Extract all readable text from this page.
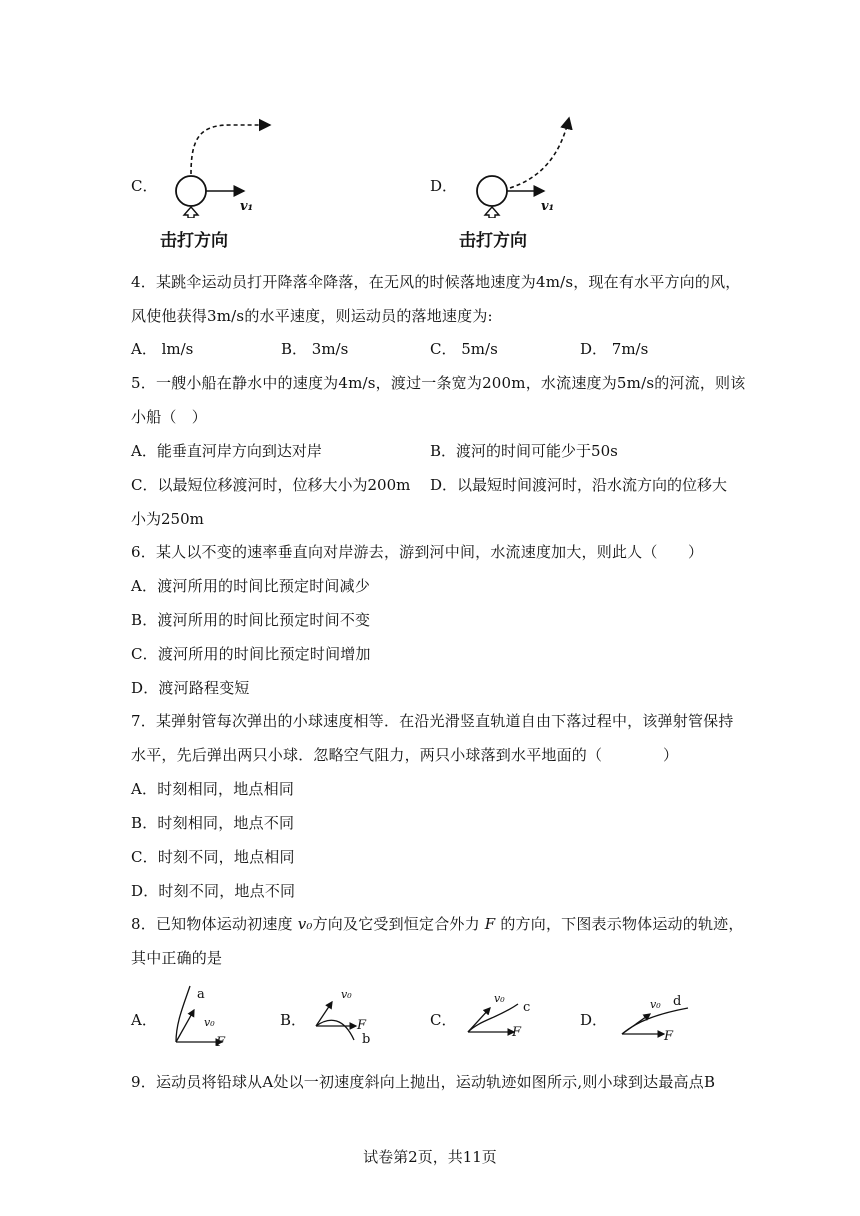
C．
v₁
击打方向
D．
v₁
击打方向
4．某跳伞运动员打开降落伞降落，在无风的时候落地速度为4m/s，现在有水平方向的风，
风使他获得3m/s的水平速度，则运动员的落地速度为:
A． lm/s	B． 3m/s	C． 5m/s	D． 7m/s
5．一艘小船在静水中的速度为4m/s，渡过一条宽为200m，水流速度为5m/s的河流，则该
小船（　）
A．能垂直河岸方向到达对岸	B．渡河的时间可能少于50s
C．以最短位移渡河时，位移大小为200m D．以最短时间渡河时，沿水流方向的位移大
小为250m
6．某人以不变的速率垂直向对岸游去，游到河中间，水流速度加大，则此人（　　）
A．渡河所用的时间比预定时间减少
B．渡河所用的时间比预定时间不变
C．渡河所用的时间比预定时间增加
D．渡河路程变短
7．某弹射管每次弹出的小球速度相等．在沿光滑竖直轨道自由下落过程中，该弹射管保持
水平，先后弹出两只小球．忽略空气阻力，两只小球落到水平地面的（　　　　）
A．时刻相同，地点相同
B．时刻相同，地点不同
C．时刻不同，地点相同
D．时刻不同，地点不同
8．已知物体运动初速度 v₀方向及它受到恒定合外力 F 的方向，下图表示物体运动的轨迹，
其中正确的是
A．
a
v₀
F
B．
v₀
F
b
C．
v₀
c
F
D．
v₀ d
F
9．运动员将铅球从A处以一初速度斜向上抛出，运动轨迹如图所示,则小球到达最高点B
试卷第2页，共11页
